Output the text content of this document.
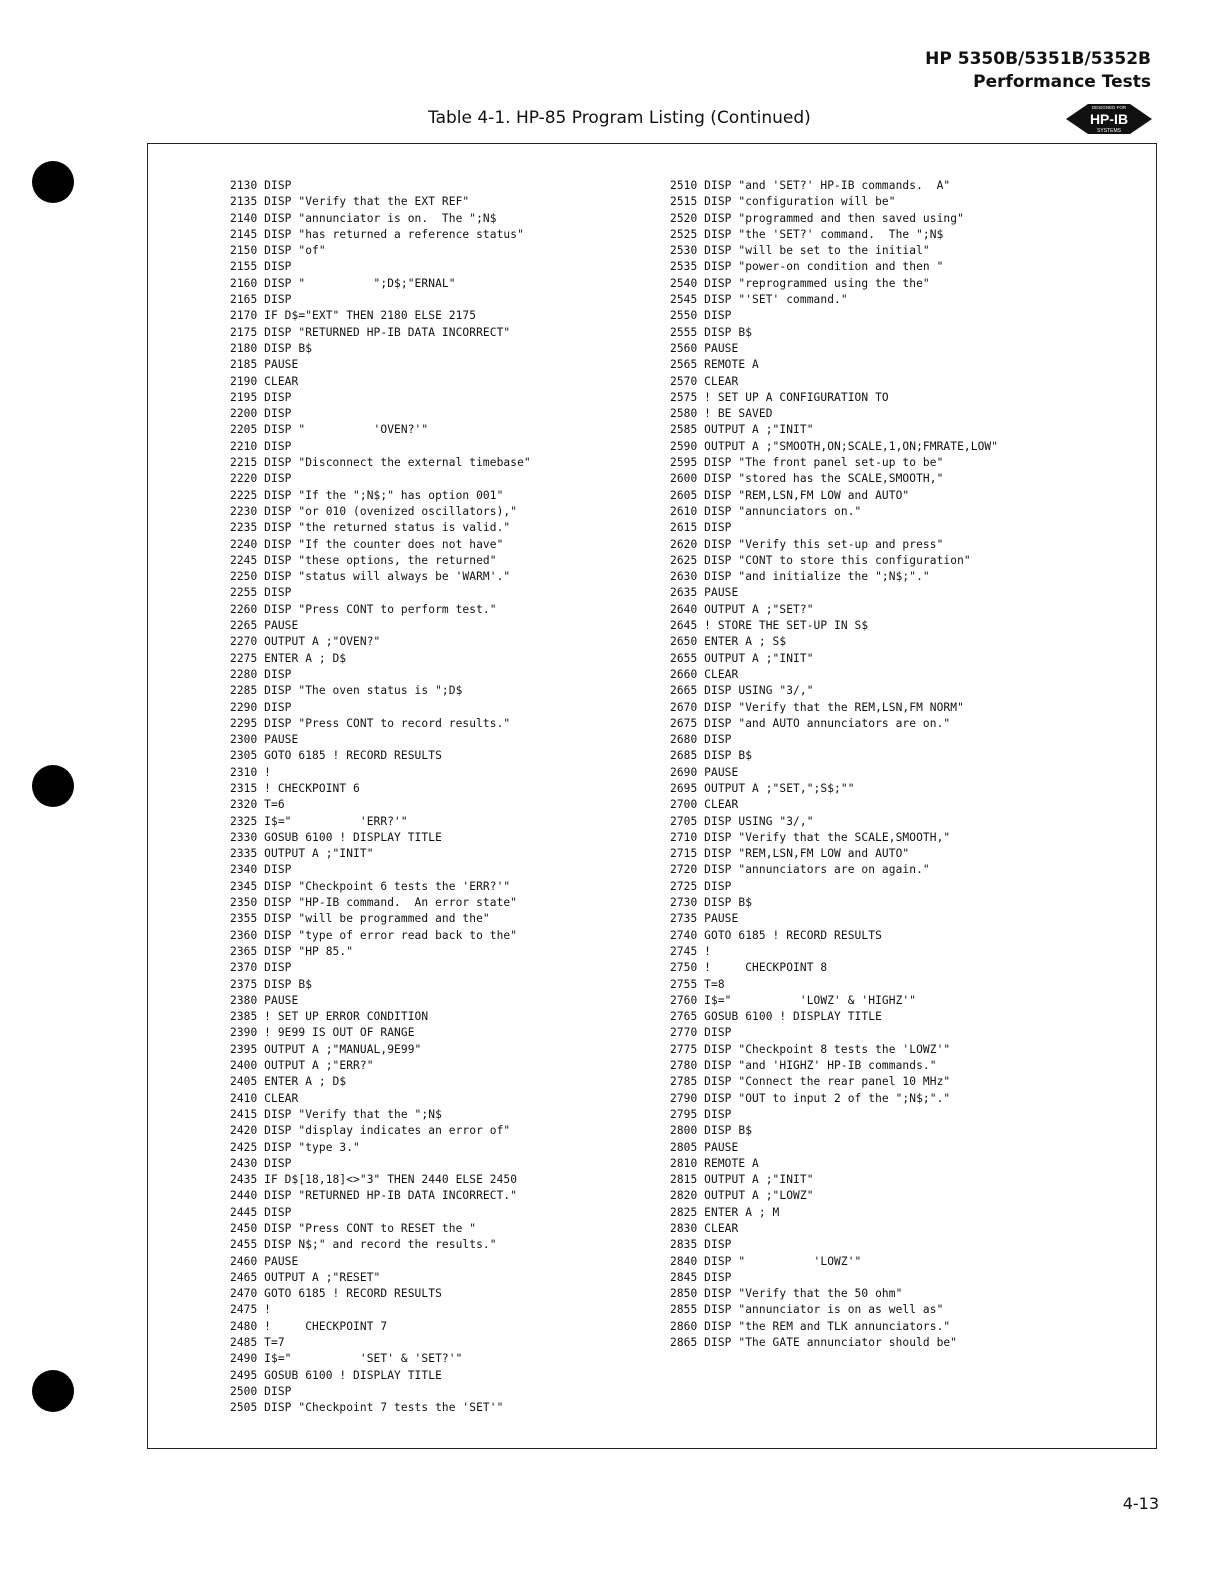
HP 5350B/5351B/5352B
Performance Tests
Table 4-1. HP-85 Program Listing (Continued)
DESIGNED FOR
HP-IB
SYSTEMS
2130 DISP
2135 DISP "Verify that the EXT REF"
2140 DISP "annunciator is on.  The ";N$
2145 DISP "has returned a reference status"
2150 DISP "of"
2155 DISP
2160 DISP "          ";D$;"ERNAL"
2165 DISP
2170 IF D$="EXT" THEN 2180 ELSE 2175
2175 DISP "RETURNED HP-IB DATA INCORRECT"
2180 DISP B$
2185 PAUSE
2190 CLEAR
2195 DISP
2200 DISP
2205 DISP "          'OVEN?'"
2210 DISP
2215 DISP "Disconnect the external timebase"
2220 DISP
2225 DISP "If the ";N$;" has option 001"
2230 DISP "or 010 (ovenized oscillators),"
2235 DISP "the returned status is valid."
2240 DISP "If the counter does not have"
2245 DISP "these options, the returned"
2250 DISP "status will always be 'WARM'."
2255 DISP
2260 DISP "Press CONT to perform test."
2265 PAUSE
2270 OUTPUT A ;"OVEN?"
2275 ENTER A ; D$
2280 DISP
2285 DISP "The oven status is ";D$
2290 DISP
2295 DISP "Press CONT to record results."
2300 PAUSE
2305 GOTO 6185 ! RECORD RESULTS
2310 !
2315 ! CHECKPOINT 6
2320 T=6
2325 I$="          'ERR?'"
2330 GOSUB 6100 ! DISPLAY TITLE
2335 OUTPUT A ;"INIT"
2340 DISP
2345 DISP "Checkpoint 6 tests the 'ERR?'"
2350 DISP "HP-IB command.  An error state"
2355 DISP "will be programmed and the"
2360 DISP "type of error read back to the"
2365 DISP "HP 85."
2370 DISP
2375 DISP B$
2380 PAUSE
2385 ! SET UP ERROR CONDITION
2390 ! 9E99 IS OUT OF RANGE
2395 OUTPUT A ;"MANUAL,9E99"
2400 OUTPUT A ;"ERR?"
2405 ENTER A ; D$
2410 CLEAR
2415 DISP "Verify that the ";N$
2420 DISP "display indicates an error of"
2425 DISP "type 3."
2430 DISP
2435 IF D$[18,18]<>"3" THEN 2440 ELSE 2450
2440 DISP "RETURNED HP-IB DATA INCORRECT."
2445 DISP
2450 DISP "Press CONT to RESET the "
2455 DISP N$;" and record the results."
2460 PAUSE
2465 OUTPUT A ;"RESET"
2470 GOTO 6185 ! RECORD RESULTS
2475 !
2480 !     CHECKPOINT 7
2485 T=7
2490 I$="          'SET' & 'SET?'"
2495 GOSUB 6100 ! DISPLAY TITLE
2500 DISP
2505 DISP "Checkpoint 7 tests the 'SET'"
2510 DISP "and 'SET?' HP-IB commands.  A"
2515 DISP "configuration will be"
2520 DISP "programmed and then saved using"
2525 DISP "the 'SET?' command.  The ";N$
2530 DISP "will be set to the initial"
2535 DISP "power-on condition and then "
2540 DISP "reprogrammed using the the"
2545 DISP "'SET' command."
2550 DISP
2555 DISP B$
2560 PAUSE
2565 REMOTE A
2570 CLEAR
2575 ! SET UP A CONFIGURATION TO
2580 ! BE SAVED
2585 OUTPUT A ;"INIT"
2590 OUTPUT A ;"SMOOTH,ON;SCALE,1,ON;FMRATE,LOW"
2595 DISP "The front panel set-up to be"
2600 DISP "stored has the SCALE,SMOOTH,"
2605 DISP "REM,LSN,FM LOW and AUTO"
2610 DISP "annunciators on."
2615 DISP
2620 DISP "Verify this set-up and press"
2625 DISP "CONT to store this configuration"
2630 DISP "and initialize the ";N$;"."
2635 PAUSE
2640 OUTPUT A ;"SET?"
2645 ! STORE THE SET-UP IN S$
2650 ENTER A ; S$
2655 OUTPUT A ;"INIT"
2660 CLEAR
2665 DISP USING "3/,"
2670 DISP "Verify that the REM,LSN,FM NORM"
2675 DISP "and AUTO annunciators are on."
2680 DISP
2685 DISP B$
2690 PAUSE
2695 OUTPUT A ;"SET,";S$;""
2700 CLEAR
2705 DISP USING "3/,"
2710 DISP "Verify that the SCALE,SMOOTH,"
2715 DISP "REM,LSN,FM LOW and AUTO"
2720 DISP "annunciators are on again."
2725 DISP
2730 DISP B$
2735 PAUSE
2740 GOTO 6185 ! RECORD RESULTS
2745 !
2750 !     CHECKPOINT 8
2755 T=8
2760 I$="          'LOWZ' & 'HIGHZ'"
2765 GOSUB 6100 ! DISPLAY TITLE
2770 DISP
2775 DISP "Checkpoint 8 tests the 'LOWZ'"
2780 DISP "and 'HIGHZ' HP-IB commands."
2785 DISP "Connect the rear panel 10 MHz"
2790 DISP "OUT to input 2 of the ";N$;"."
2795 DISP
2800 DISP B$
2805 PAUSE
2810 REMOTE A
2815 OUTPUT A ;"INIT"
2820 OUTPUT A ;"LOWZ"
2825 ENTER A ; M
2830 CLEAR
2835 DISP
2840 DISP "          'LOWZ'"
2845 DISP
2850 DISP "Verify that the 50 ohm"
2855 DISP "annunciator is on as well as"
2860 DISP "the REM and TLK annunciators."
2865 DISP "The GATE annunciator should be"
4-13
